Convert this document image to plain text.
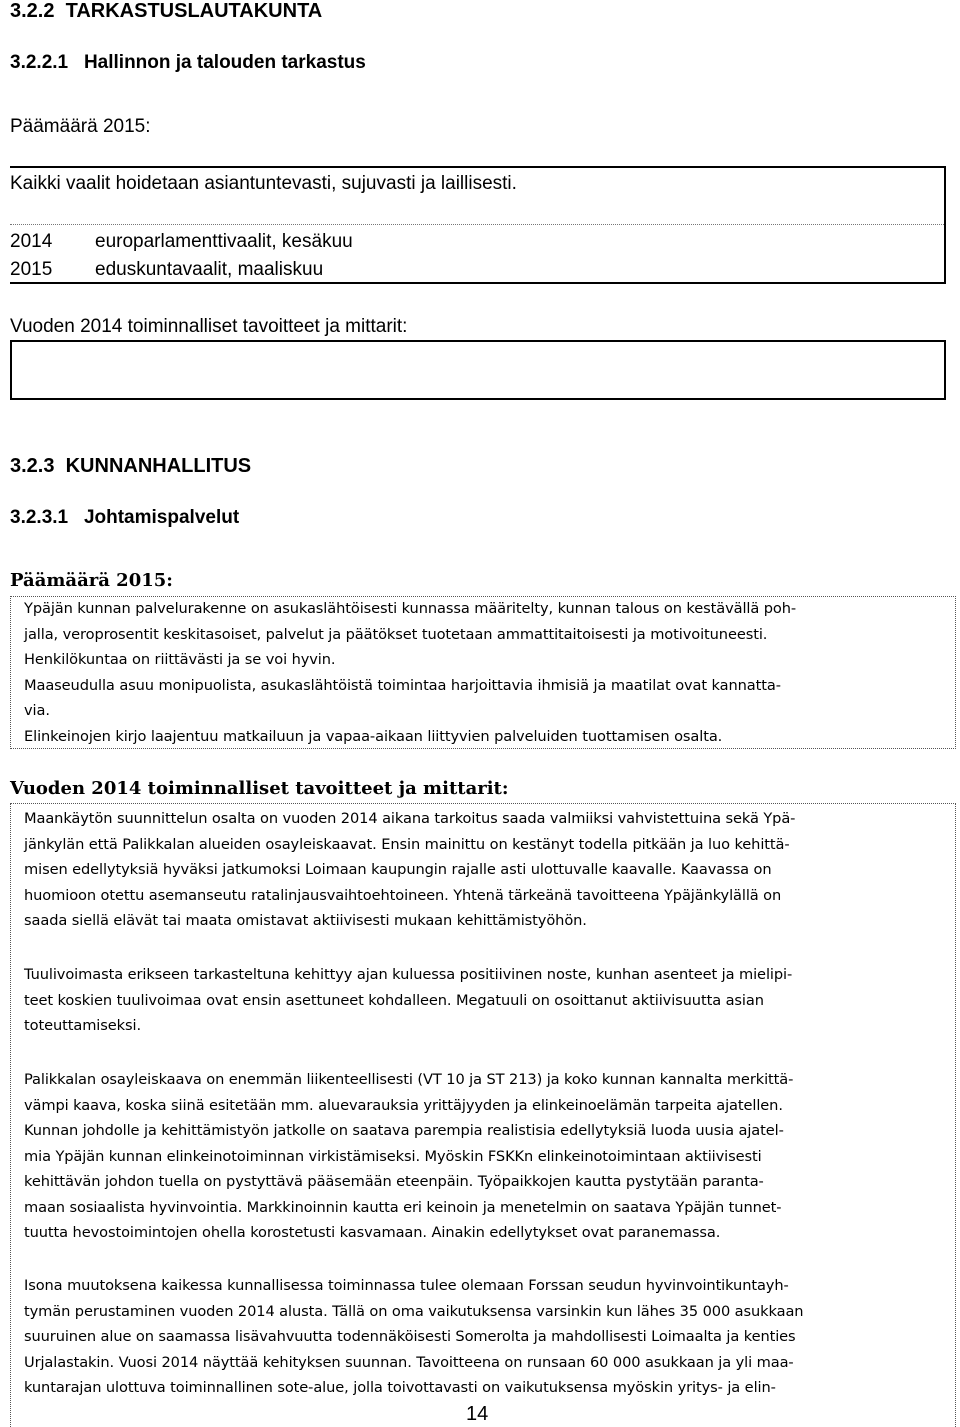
3.2.2 TARKASTUSLAUTAKUNTA
3.2.2.1 Hallinnon ja talouden tarkastus
Päämäärä 2015:
Kaikki vaalit hoidetaan asiantuntevasti, sujuvasti ja laillisesti.
2014	europarlamenttivaalit, kesäkuu
2015	eduskuntavaalit, maaliskuu
Vuoden 2014 toiminnalliset tavoitteet ja mittarit:
3.2.3 KUNNANHALLITUS
3.2.3.1 Johtamispalvelut
Päämäärä 2015:

Ypäjän kunnan palvelurakenne on asukaslähtöisesti kunnassa määritelty, kunnan talous on kestävällä poh-

jalla, veroprosentit keskitasoiset, palvelut ja päätökset tuotetaan ammattitaitoisesti ja motivoituneesti.

Henkilökuntaa on riittävästi ja se voi hyvin.

Maaseudulla asuu monipuolista, asukaslähtöistä toimintaa harjoittavia ihmisiä ja maatilat ovat kannatta-

via.

Elinkeinojen kirjo laajentuu matkailuun ja vapaa-aikaan liittyvien palveluiden tuottamisen osalta.

Vuoden 2014 toiminnalliset tavoitteet ja mittarit:

Maankäytön suunnittelun osalta on vuoden 2014 aikana tarkoitus saada valmiiksi vahvistettuina sekä Ypä-

jänkylän että Palikkalan alueiden osayleiskaavat. Ensin mainittu on kestänyt todella pitkään ja luo kehittä-

misen edellytyksiä hyväksi jatkumoksi Loimaan kaupungin rajalle asti ulottuvalle kaavalle. Kaavassa on

huomioon otettu asemanseutu ratalinjausvaihtoehtoineen. Yhtenä tärkeänä tavoitteena Ypäjänkylällä on

saada siellä elävät tai maata omistavat aktiivisesti mukaan kehittämistyöhön.

Tuulivoimasta erikseen tarkasteltuna kehittyy ajan kuluessa positiivinen noste, kunhan asenteet ja mielipi-

teet koskien tuulivoimaa ovat ensin asettuneet kohdalleen. Megatuuli on osoittanut aktiivisuutta asian

toteuttamiseksi.

Palikkalan osayleiskaava on enemmän liikenteellisesti (VT 10 ja ST 213) ja koko kunnan kannalta merkittä-

vämpi kaava, koska siinä esitetään mm. aluevarauksia yrittäjyyden ja elinkeinoelämän tarpeita ajatellen.

Kunnan johdolle ja kehittämistyön jatkolle on saatava parempia realistisia edellytyksiä luoda uusia ajatel-

mia Ypäjän kunnan elinkeinotoiminnan virkistämiseksi. Myöskin FSKKn elinkeinotoimintaan aktiivisesti

kehittävän johdon tuella on pystyttävä pääsemään eteenpäin. Työpaikkojen kautta pystytään paranta-

maan sosiaalista hyvinvointia. Markkinoinnin kautta eri keinoin ja menetelmin on saatava Ypäjän tunnet-

tuutta hevostoimintojen ohella korostetusti kasvamaan. Ainakin edellytykset ovat paranemassa.

Isona muutoksena kaikessa kunnallisessa toiminnassa tulee olemaan Forssan seudun hyvinvointikuntayh-

tymän perustaminen vuoden 2014 alusta. Tällä on oma vaikutuksensa varsinkin kun lähes 35 000 asukkaan

suuruinen alue on saamassa lisävahvuutta todennäköisesti Somerolta ja mahdollisesti Loimaalta ja kenties

Urjalastakin. Vuosi 2014 näyttää kehityksen suunnan. Tavoitteena on runsaan 60 000 asukkaan ja yli maa-

kuntarajan ulottuva toiminnallinen sote-alue, jolla toivottavasti on vaikutuksensa myöskin yritys- ja elin-

14
